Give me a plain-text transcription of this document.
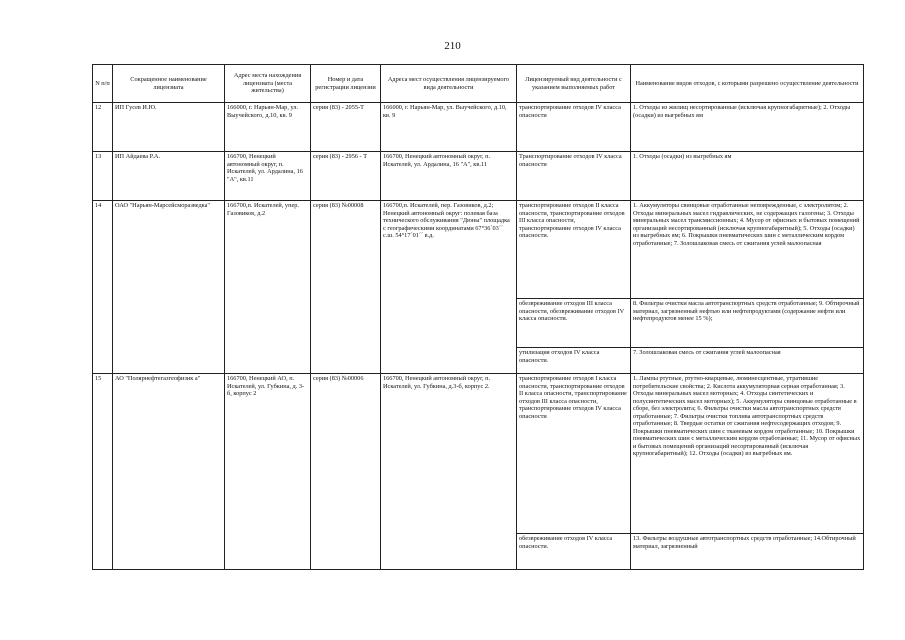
210
N п/п	Сокращенное наименование лицензиата	Адрес места нахождения лицензиата (места жительства)	Номер и дата регистрации лицензии	Адреса мест осуществления лицензируемого вида деятельности	Лицензируемый вид деятельности с указанием выполняемых работ	Наименование видов отходов, с которыми разрешено осуществление деятельности
12	ИП Гусев И.Ю.	166000, г. Нарьян-Мар, ул. Выучейского, д.10, кв. 9	серия (83) - 2055-Т	166000, г. Нарьян-Мар, ул. Выучейского, д.10, кв. 9	транспортирование отходов IV класса опасности	1. Отходы из жилищ несортированные (исключая крупногабаритные); 2. Отходы (осадки) из выгребных ям
13	ИП Айдаева Р.А.	166700, Ненецкий автономный округ, п. Искателей, ул. Ардалина, 16 "А", кв.11	серия (83) - 2956 - Т	166700, Ненецкий автономный округ, п. Искателей, ул. Ардалина, 16 "А", кв.11	Транспортирование отходов IV класса опасности	1. Отходы (осадки) из выгребных ям
14	ОАО "Нарьян-Марсейсморазведка"	166700,п. Искателей, упер. Газовиков, д.2	серия (83) №00008	166700,п. Искателей, пер. Газовиков, д.2; Ненецкий автономный округ: полевая база технического обслуживания "Дюны" площадка с географическими координатами 67°36´03´´ с.ш. 54°17´01´´ в.д.	транспортирование отходов II класса опасности, транспортирование отходов III класса опасности, транспортирование отходов IV класса опасности.	1. Аккумуляторы свинцовые отработанные неповрежденные, с электролитом; 2. Отходы минеральных масел гидравлических, не содержащих галогены; 3. Отходы минеральных масел трансмиссионных; 4. Мусор от офисных и бытовых помещений организаций несортированный (исключая крупногабаритный); 5. Отходы (осадки) из выгребных ям; 6. Покрышки пневматических шин с металлическим кордом отработанные; 7. Золошлаковая смесь от сжигания углей малоопасная
					обезвреживание отходов III класса опасности, обезвреживание отходов IV класса опасности.	8. Фильтры очистки масла автотранспортных средств отработанные; 9. Обтирочный материал, загрязненный нефтью или нефтепродуктами (содержание нефти или нефтепродуктов менее 15 %);
					утилизация отходов IV класса опасности.	7. Золошлаковая смесь от сжигания углей малоопасная
15	АО "Полярнефтегазгеофизик а"	166700, Ненецкий АО, п. Искателей, ул. Губкина, д. 3-б, корпус 2	серия (83) №00006	166700, Ненецкий автономный округ, п. Искателей, ул. Губкина, д.3-б, корпус 2.	транспортирование отходов I класса опасности, транспортирование отходов II класса опасности, транспортирование отходов III класса опасности, транспортирование отходов IV класса опасности	1. Лампы ртутные, ртутно-кварцевые, люминесцентные, утратившие потребительские свойства; 2. Кислота аккумуляторная серная отработанная; 3. Отходы минеральных масел моторных; 4. Отходы синтетических и полусинтетических масел моторных); 5. Аккумуляторы свинцовые отработанные в сборе, без электролита; 6. Фильтры очистки масла автотранспортных средств отработанные; 7. Фильтры очистки топлива автотранспортных средств отработанные; 8. Твердые остатки от сжигания нефтесодержащих отходов; 9. Покрышки пневматических шин с тканевым кордом отработанные; 10. Покрышки пневматических шин с металлическим кордом отработанные; 11. Мусор от офисных и бытовых помещений организаций несортированный (исключая крупногабаритный); 12. Отходы (осадки) из выгребных ям.
					обезвреживание отходов IV класса опасности.	13. Фильтры воздушные автотранспортных средств отработанные; 14.Обтирочный материал, загрязненный
